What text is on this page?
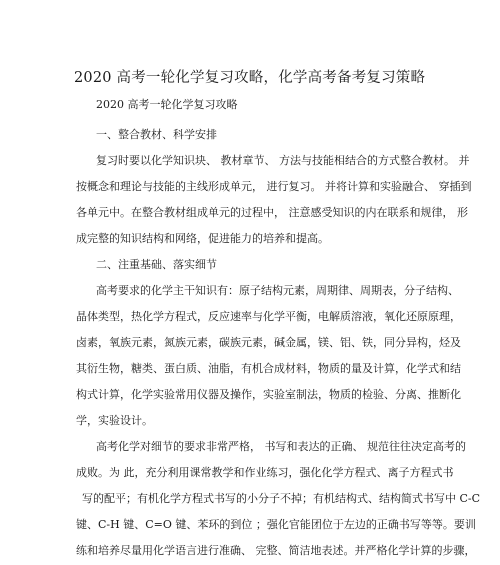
2020 高考一轮化学复习攻略，化学高考备考复习策略
2020 高考一轮化学复习攻略
一、整合教材、科学安排
复习时要以化学知识块、 教材章节、 方法与技能相结合的方式整合教材。 并
按概念和理论与技能的主线形成单元， 进行复习。 并将计算和实验融合、 穿插到
各单元中。在整合教材组成单元的过程中， 注意感受知识的内在联系和规律， 形
成完整的知识结构和网络，促进能力的培养和提高。
二、注重基础、落实细节
高考要求的化学主干知识有：原子结构元素，周期律、周期表，分子结构、
晶体类型，热化学方程式，反应速率与化学平衡，电解质溶液，氧化还原原理，
卤素，氧族元素，氮族元素，碳族元素，碱金属，镁、铝、铁，同分异构，烃及
其衍生物，糖类、蛋白质、油脂，有机合成材料，物质的量及计算，化学式和结
构式计算，化学实验常用仪器及操作，实验室制法，物质的检验、分离、推断化
学，实验设计。
高考化学对细节的要求非常严格， 书写和表达的正确、 规范往往决定高考的
成败。为 此，充分利用课常教学和作业练习，强化化学方程式、离子方程式书
写的配平；有机化学方程式书写的小分子不掉；有机结构式、结构简式书写中 C-C
键、C-H 键、C=O 键、苯环的到位 ；强化官能团位于左边的正确书写等等。要训
练和培养尽量用化学语言进行准确、 完整、简洁地表述。并严格化学计算的步骤，
